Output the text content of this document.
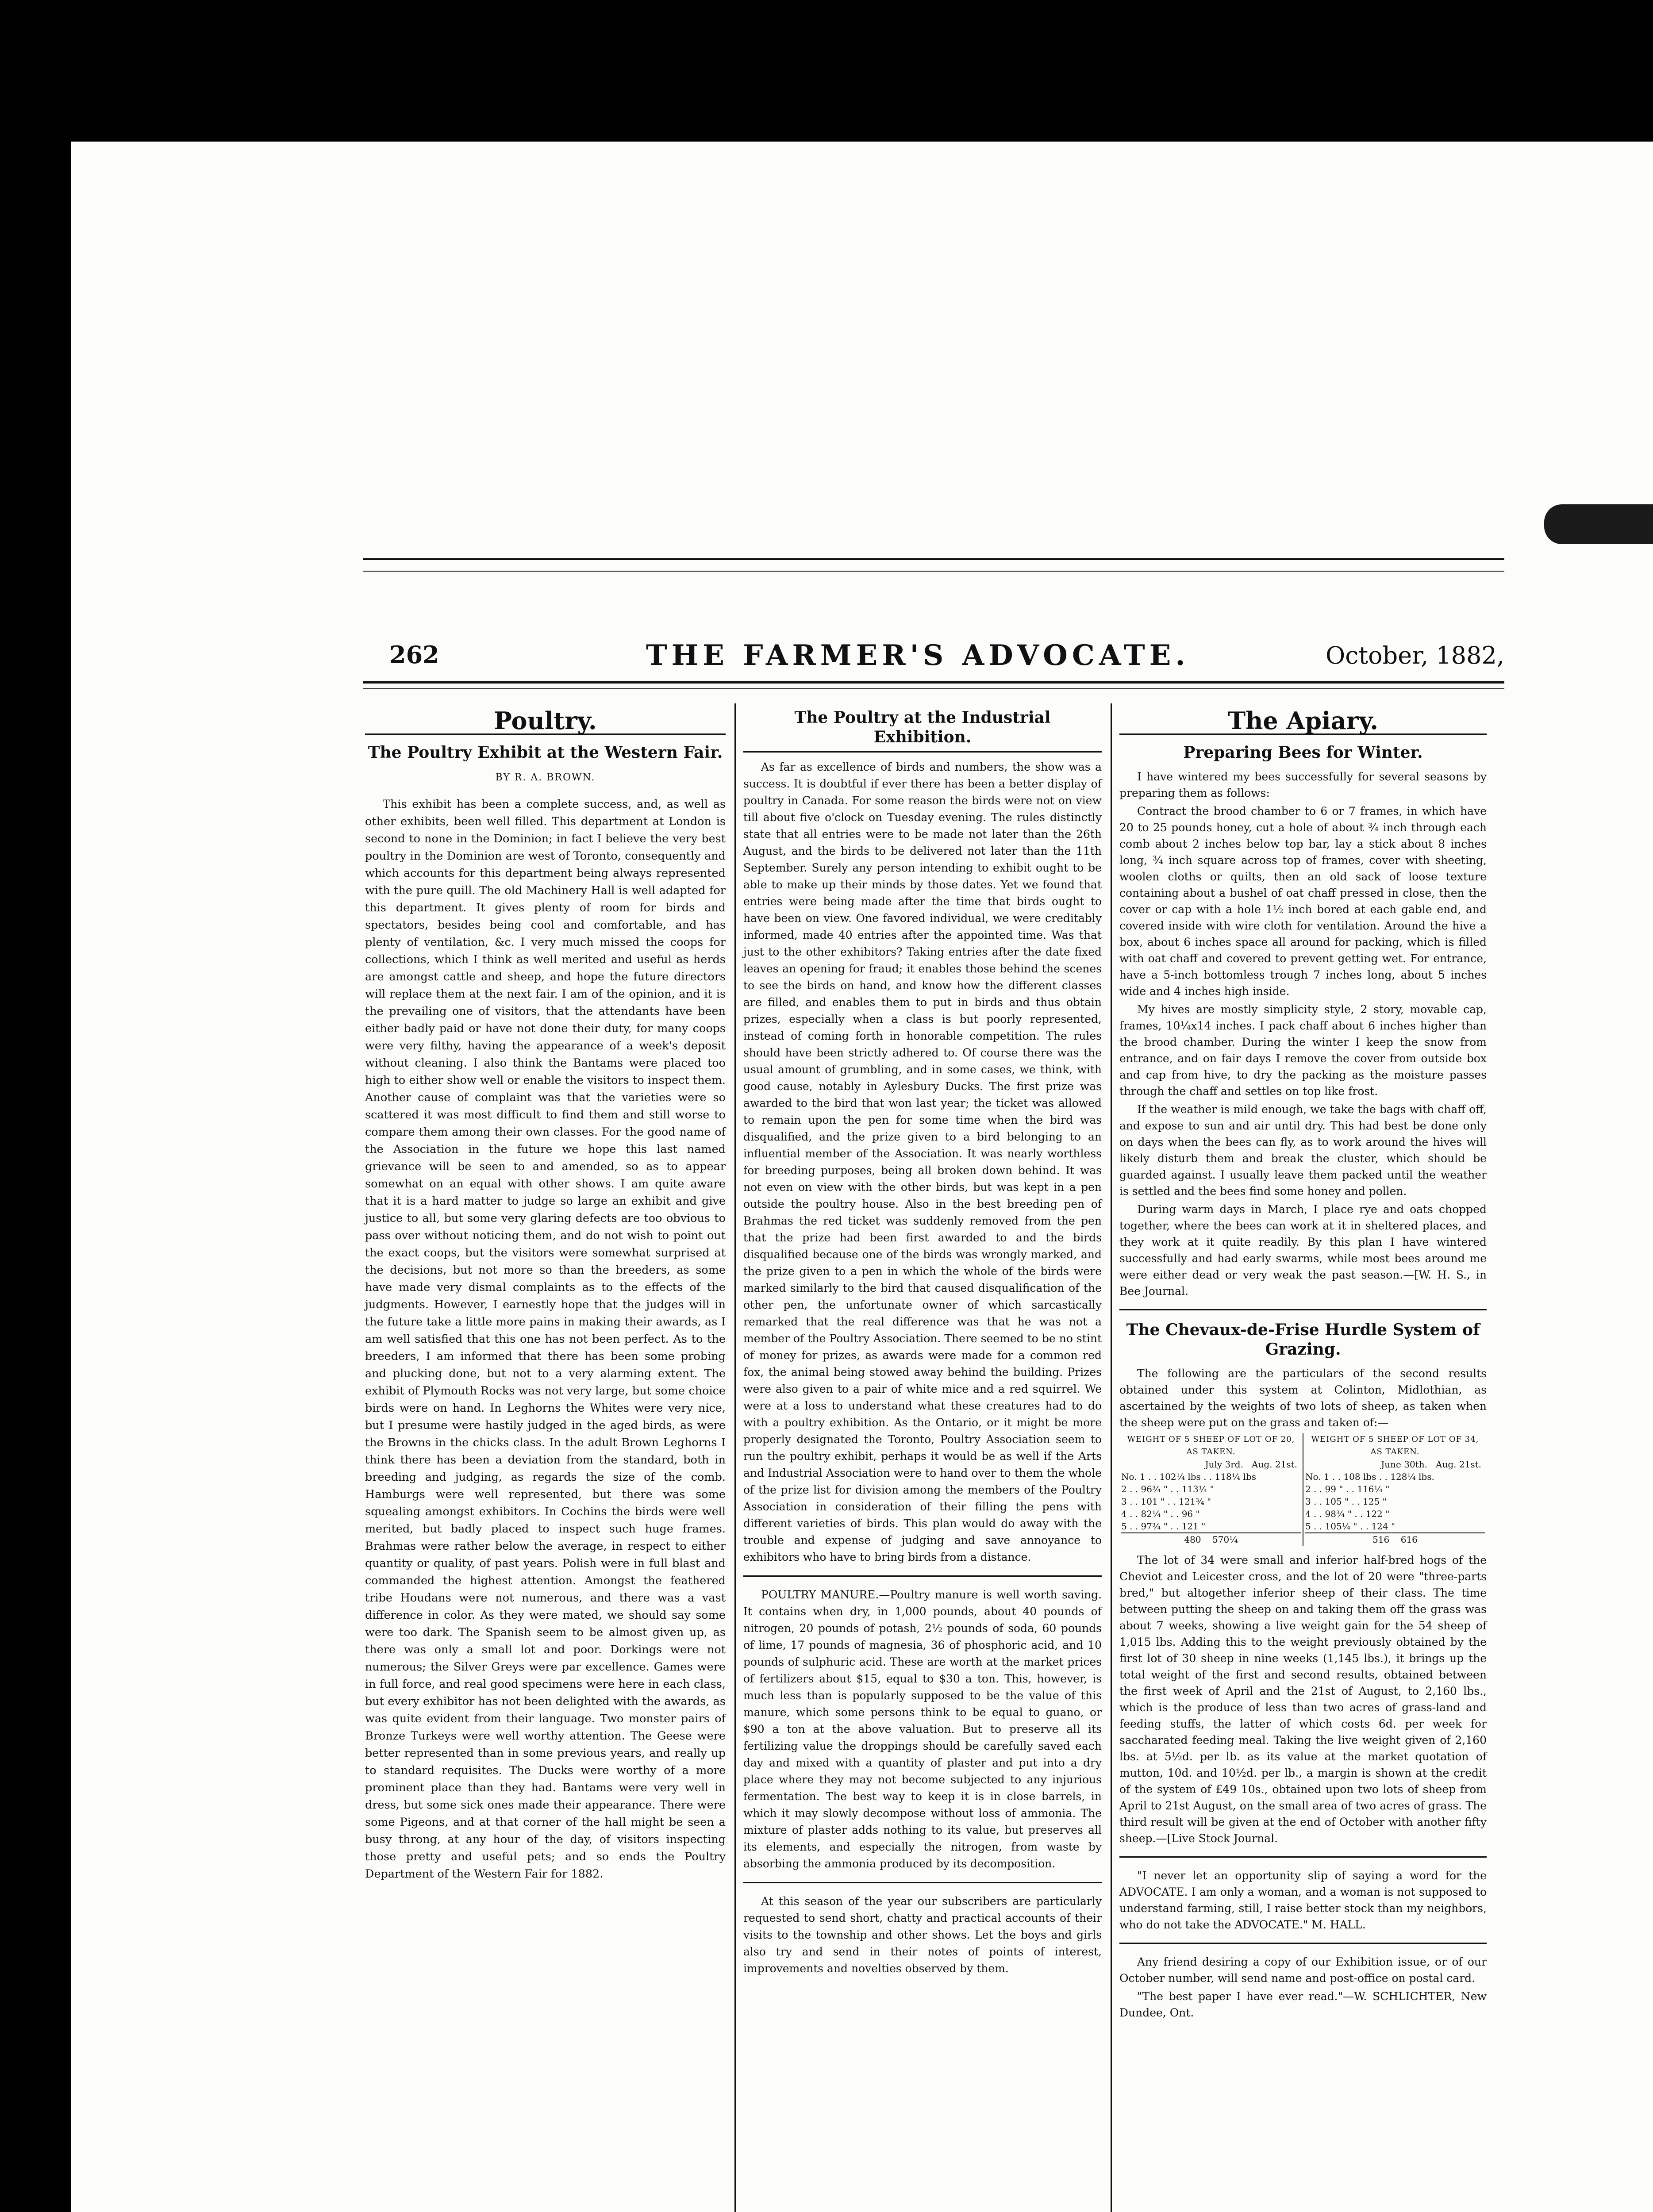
262	THE FARMER'S ADVOCATE.	October, 1882,
Poultry.
The Poultry Exhibit at the Western Fair.
BY R. A. BROWN.

This exhibit has been a complete success, and, as well as other exhibits, been well filled. This department at London is second to none in the Dominion; in fact I believe the very best poultry in the Dominion are west of Toronto, consequently and which accounts for this department being always represented with the pure quill. The old Machinery Hall is well adapted for this department. It gives plenty of room for birds and spectators, besides being cool and comfortable, and has plenty of ventilation, &c. I very much missed the coops for collections, which I think as well merited and useful as herds are amongst cattle and sheep, and hope the future directors will replace them at the next fair. I am of the opinion, and it is the prevailing one of visitors, that the attendants have been either badly paid or have not done their duty, for many coops were very filthy, having the appearance of a week's deposit without cleaning. I also think the Bantams were placed too high to either show well or enable the visitors to inspect them. Another cause of complaint was that the varieties were so scattered it was most difficult to find them and still worse to compare them among their own classes. For the good name of the Association in the future we hope this last named grievance will be seen to and amended, so as to appear somewhat on an equal with other shows. I am quite aware that it is a hard matter to judge so large an exhibit and give justice to all, but some very glaring defects are too obvious to pass over without noticing them, and do not wish to point out the exact coops, but the visitors were somewhat surprised at the decisions, but not more so than the breeders, as some have made very dismal complaints as to the effects of the judgments. However, I earnestly hope that the judges will in the future take a little more pains in making their awards, as I am well satisfied that this one has not been perfect. As to the breeders, I am informed that there has been some probing and plucking done, but not to a very alarming extent. The exhibit of Plymouth Rocks was not very large, but some choice birds were on hand. In Leghorns the Whites were very nice, but I presume were hastily judged in the aged birds, as were the Browns in the chicks class. In the adult Brown Leghorns I think there has been a deviation from the standard, both in breeding and judging, as regards the size of the comb. Hamburgs were well represented, but there was some squealing amongst exhibitors. In Cochins the birds were well merited, but badly placed to inspect such huge frames. Brahmas were rather below the average, in respect to either quantity or quality, of past years. Polish were in full blast and commanded the highest attention. Amongst the feathered tribe Houdans were not numerous, and there was a vast difference in color. As they were mated, we should say some were too dark. The Spanish seem to be almost given up, as there was only a small lot and poor. Dorkings were not numerous; the Silver Greys were par excellence. Games were in full force, and real good specimens were here in each class, but every exhibitor has not been delighted with the awards, as was quite evident from their language. Two monster pairs of Bronze Turkeys were well worthy attention. The Geese were better represented than in some previous years, and really up to standard requisites. The Ducks were worthy of a more prominent place than they had. Bantams were very well in dress, but some sick ones made their appearance. There were some Pigeons, and at that corner of the hall might be seen a busy throng, at any hour of the day, of visitors inspecting those pretty and useful pets; and so ends the Poultry Department of the Western Fair for 1882.

The Poultry at the Industrial Exhibition.

As far as excellence of birds and numbers, the show was a success. It is doubtful if ever there has been a better display of poultry in Canada. For some reason the birds were not on view till about five o'clock on Tuesday evening. The rules distinctly state that all entries were to be made not later than the 26th August, and the birds to be delivered not later than the 11th September. Surely any person intending to exhibit ought to be able to make up their minds by those dates. Yet we found that entries were being made after the time that birds ought to have been on view. One favored individual, we were creditably informed, made 40 entries after the appointed time. Was that just to the other exhibitors? Taking entries after the date fixed leaves an opening for fraud; it enables those behind the scenes to see the birds on hand, and know how the different classes are filled, and enables them to put in birds and thus obtain prizes, especially when a class is but poorly represented, instead of coming forth in honorable competition. The rules should have been strictly adhered to. Of course there was the usual amount of grumbling, and in some cases, we think, with good cause, notably in Aylesbury Ducks. The first prize was awarded to the bird that won last year; the ticket was allowed to remain upon the pen for some time when the bird was disqualified, and the prize given to a bird belonging to an influential member of the Association. It was nearly worthless for breeding purposes, being all broken down behind. It was not even on view with the other birds, but was kept in a pen outside the poultry house. Also in the best breeding pen of Brahmas the red ticket was suddenly removed from the pen that the prize had been first awarded to and the birds disqualified because one of the birds was wrongly marked, and the prize given to a pen in which the whole of the birds were marked similarly to the bird that caused disqualification of the other pen, the unfortunate owner of which sarcastically remarked that the real difference was that he was not a member of the Poultry Association. There seemed to be no stint of money for prizes, as awards were made for a common red fox, the animal being stowed away behind the building. Prizes were also given to a pair of white mice and a red squirrel. We were at a loss to understand what these creatures had to do with a poultry exhibition. As the Ontario, or it might be more properly designated the Toronto, Poultry Association seem to run the poultry exhibit, perhaps it would be as well if the Arts and Industrial Association were to hand over to them the whole of the prize list for division among the members of the Poultry Association in consideration of their filling the pens with different varieties of birds. This plan would do away with the trouble and expense of judging and save annoyance to exhibitors who have to bring birds from a distance.

POULTRY MANURE.—Poultry manure is well worth saving. It contains when dry, in 1,000 pounds, about 40 pounds of nitrogen, 20 pounds of potash, 2½ pounds of soda, 60 pounds of lime, 17 pounds of magnesia, 36 of phosphoric acid, and 10 pounds of sulphuric acid. These are worth at the market prices of fertilizers about $15, equal to $30 a ton. This, however, is much less than is popularly supposed to be the value of this manure, which some persons think to be equal to guano, or $90 a ton at the above valuation. But to preserve all its fertilizing value the droppings should be carefully saved each day and mixed with a quantity of plaster and put into a dry place where they may not become subjected to any injurious fermentation. The best way to keep it is in close barrels, in which it may slowly decompose without loss of ammonia. The mixture of plaster adds nothing to its value, but preserves all its elements, and especially the nitrogen, from waste by absorbing the ammonia produced by its decomposition.

At this season of the year our subscribers are particularly requested to send short, chatty and practical accounts of their visits to the township and other shows. Let the boys and girls also try and send in their notes of points of interest, improvements and novelties observed by them.

The Apiary.
Preparing Bees for Winter.

I have wintered my bees successfully for several seasons by preparing them as follows:

Contract the brood chamber to 6 or 7 frames, in which have 20 to 25 pounds honey, cut a hole of about ¾ inch through each comb about 2 inches below top bar, lay a stick about 8 inches long, ¾ inch square across top of frames, cover with sheeting, woolen cloths or quilts, then an old sack of loose texture containing about a bushel of oat chaff pressed in close, then the cover or cap with a hole 1½ inch bored at each gable end, and covered inside with wire cloth for ventilation. Around the hive a box, about 6 inches space all around for packing, which is filled with oat chaff and covered to prevent getting wet. For entrance, have a 5-inch bottomless trough 7 inches long, about 5 inches wide and 4 inches high inside.

My hives are mostly simplicity style, 2 story, movable cap, frames, 10¼x14 inches. I pack chaff about 6 inches higher than the brood chamber. During the winter I keep the snow from entrance, and on fair days I remove the cover from outside box and cap from hive, to dry the packing as the moisture passes through the chaff and settles on top like frost.

If the weather is mild enough, we take the bags with chaff off, and expose to sun and air until dry. This had best be done only on days when the bees can fly, as to work around the hives will likely disturb them and break the cluster, which should be guarded against. I usually leave them packed until the weather is settled and the bees find some honey and pollen.

During warm days in March, I place rye and oats chopped together, where the bees can work at it in sheltered places, and they work at it quite readily. By this plan I have wintered successfully and had early swarms, while most bees around me were either dead or very weak the past season.—[W. H. S., in Bee Journal.

The Chevaux-de-Frise Hurdle System of Grazing.

The following are the particulars of the second results obtained under this system at Colinton, Midlothian, as ascertained by the weights of two lots of sheep, as taken when the sheep were put on the grass and taken of:—

WEIGHT OF 5 SHEEP OF LOT OF 20, AS TAKEN.
July 3rd. Aug. 21st.
No. 1 . . 102¼ lbs . . 118¼ lbs
2 . . 96¾ " . . 113¼ "
3 . . 101 " . . 121¾ "
4 . . 82¼ " . . 96 "
5 . . 97¾ " . . 121 "
480 570¼

WEIGHT OF 5 SHEEP OF LOT OF 34, AS TAKEN.
June 30th. Aug. 21st.
No. 1 . . 108 lbs . . 128¼ lbs.
2 . . 99 " . . 116¼ "
3 . . 105 " . . 125 "
4 . . 98¾ " . . 122 "
5 . . 105¼ " . . 124 "
516 616

The lot of 34 were small and inferior half-bred hogs of the Cheviot and Leicester cross, and the lot of 20 were "three-parts bred," but altogether inferior sheep of their class. The time between putting the sheep on and taking them off the grass was about 7 weeks, showing a live weight gain for the 54 sheep of 1,015 lbs. Adding this to the weight previously obtained by the first lot of 30 sheep in nine weeks (1,145 lbs.), it brings up the total weight of the first and second results, obtained between the first week of April and the 21st of August, to 2,160 lbs., which is the produce of less than two acres of grass-land and feeding stuffs, the latter of which costs 6d. per week for saccharated feeding meal. Taking the live weight given of 2,160 lbs. at 5½d. per lb. as its value at the market quotation of mutton, 10d. and 10½d. per lb., a margin is shown at the credit of the system of £49 10s., obtained upon two lots of sheep from April to 21st August, on the small area of two acres of grass. The third result will be given at the end of October with another fifty sheep.—[Live Stock Journal.

"I never let an opportunity slip of saying a word for the ADVOCATE. I am only a woman, and a woman is not supposed to understand farming, still, I raise better stock than my neighbors, who do not take the ADVOCATE." M. HALL.

Any friend desiring a copy of our Exhibition issue, or of our October number, will send name and post-office on postal card.

"The best paper I have ever read."—W. SCHLICHTER, New Dundee, Ont.
